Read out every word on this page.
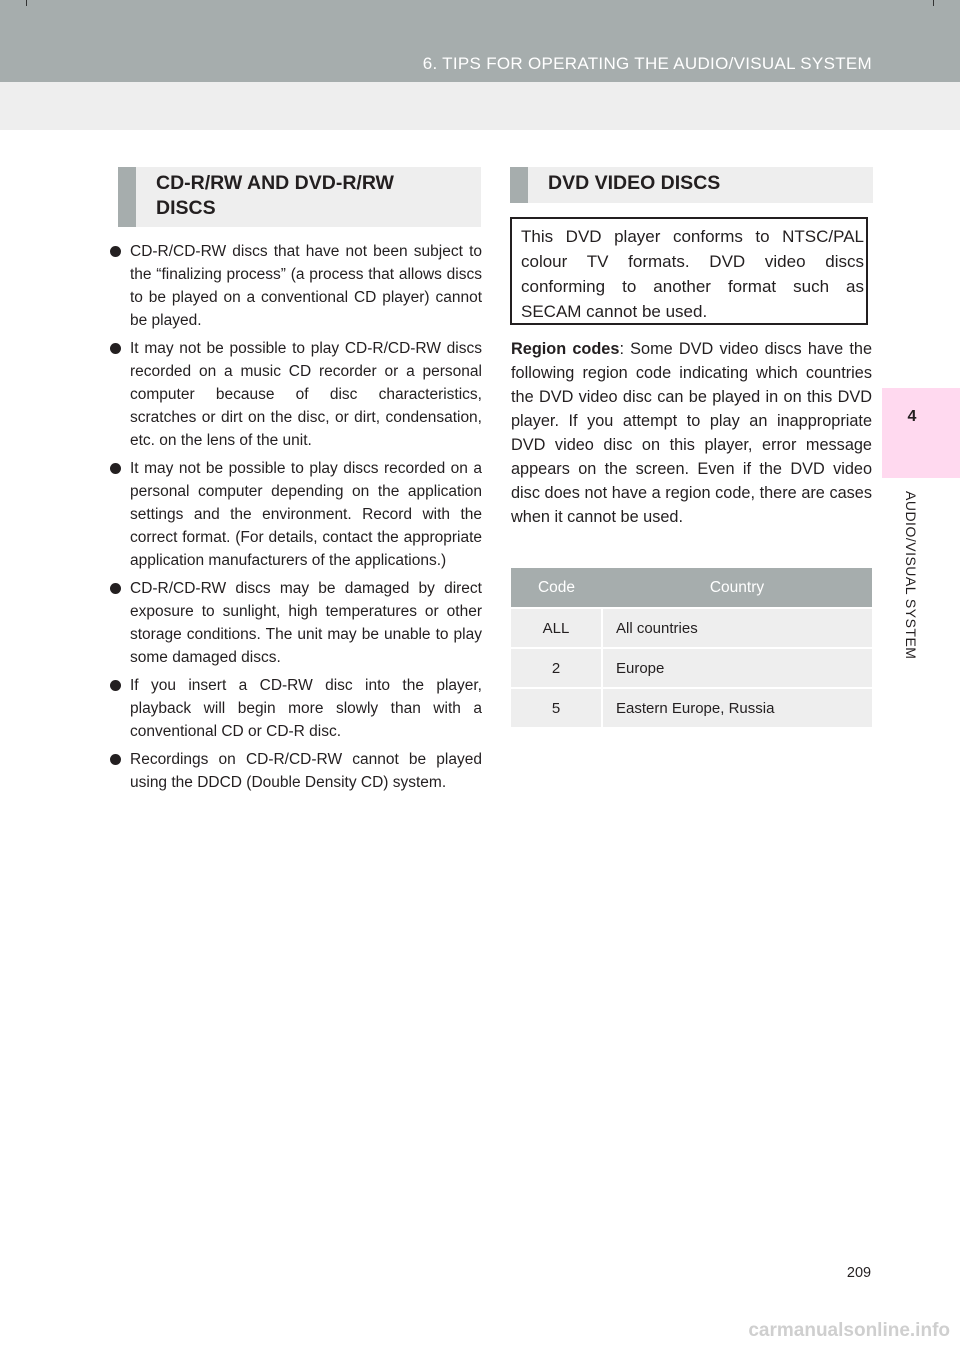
6. TIPS FOR OPERATING THE AUDIO/VISUAL SYSTEM
4
AUDIO/VISUAL SYSTEM
CD-R/RW AND DVD-R/RW DISCS
CD-R/CD-RW discs that have not been subject to the “finalizing process” (a process that allows discs to be played on a conventional CD player) cannot be played.
It may not be possible to play CD-R/CD-RW discs recorded on a music CD recorder or a personal computer because of disc characteristics, scratches or dirt on the disc, or dirt, condensation, etc. on the lens of the unit.
It may not be possible to play discs recorded on a personal computer depending on the application settings and the environment. Record with the correct format. (For details, contact the appropriate application manufacturers of the applications.)
CD-R/CD-RW discs may be damaged by direct exposure to sunlight, high temperatures or other storage conditions. The unit may be unable to play some damaged discs.
If you insert a CD-RW disc into the player, playback will begin more slowly than with a conventional CD or CD-R disc.
Recordings on CD-R/CD-RW cannot be played using the DDCD (Double Density CD) system.
DVD VIDEO DISCS
This DVD player conforms to NTSC/PAL colour TV formats. DVD video discs conforming to another format such as SECAM cannot be used.
Region codes: Some DVD video discs have the following region code indicating which countries the DVD video disc can be played in on this DVD player. If you attempt to play an inappropriate DVD video disc on this player, error message appears on the screen. Even if the DVD video disc does not have a region code, there are cases when it cannot be used.
Code	Country
ALL	All countries
2	Europe
5	Eastern Europe, Russia
209
carmanualsonline.info
